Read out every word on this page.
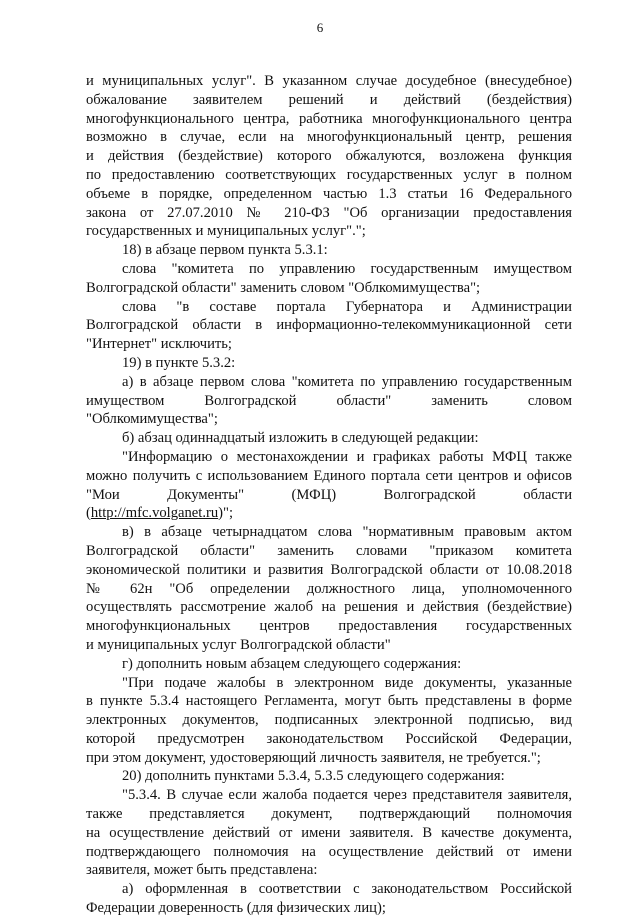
6
и муниципальных услуг". В указанном случае досудебное (внесудебное)
обжалование заявителем решений и действий (бездействия)
многофункционального центра, работника многофункционального центра
возможно в случае, если на многофункциональный центр, решения
и действия (бездействие) которого обжалуются, возложена функция
по предоставлению соответствующих государственных услуг в полном
объеме в порядке, определенном частью 1.3 статьи 16 Федерального
закона от 27.07.2010 № 210-ФЗ "Об организации предоставления
государственных и муниципальных услуг".";
18) в абзаце первом пункта 5.3.1:
слова "комитета по управлению государственным имуществом
Волгоградской области" заменить словом "Облкомимущества";
слова "в составе портала Губернатора и Администрации
Волгоградской области в информационно-телекоммуникационной сети
"Интернет" исключить;
19) в пункте 5.3.2:
а) в абзаце первом слова "комитета по управлению государственным
имуществом Волгоградской области" заменить словом
"Облкомимущества";
б) абзац одиннадцатый изложить в следующей редакции:
"Информацию о местонахождении и графиках работы МФЦ также
можно получить с использованием Единого портала сети центров и офисов
"Мои Документы" (МФЦ) Волгоградской области
(http://mfc.volganet.ru)";
в) в абзаце четырнадцатом слова "нормативным правовым актом
Волгоградской области" заменить словами "приказом комитета
экономической политики и развития Волгоградской области от 10.08.2018
№ 62н "Об определении должностного лица, уполномоченного
осуществлять рассмотрение жалоб на решения и действия (бездействие)
многофункциональных центров предоставления государственных
и муниципальных услуг Волгоградской области"
г) дополнить новым абзацем следующего содержания:
"При подаче жалобы в электронном виде документы, указанные
в пункте 5.3.4 настоящего Регламента, могут быть представлены в форме
электронных документов, подписанных электронной подписью, вид
которой предусмотрен законодательством Российской Федерации,
при этом документ, удостоверяющий личность заявителя, не требуется.";
20) дополнить пунктами 5.3.4, 5.3.5 следующего содержания:
"5.3.4. В случае если жалоба подается через представителя заявителя,
также представляется документ, подтверждающий полномочия
на осуществление действий от имени заявителя. В качестве документа,
подтверждающего полномочия на осуществление действий от имени
заявителя, может быть представлена:
а) оформленная в соответствии с законодательством Российской
Федерации доверенность (для физических лиц);
